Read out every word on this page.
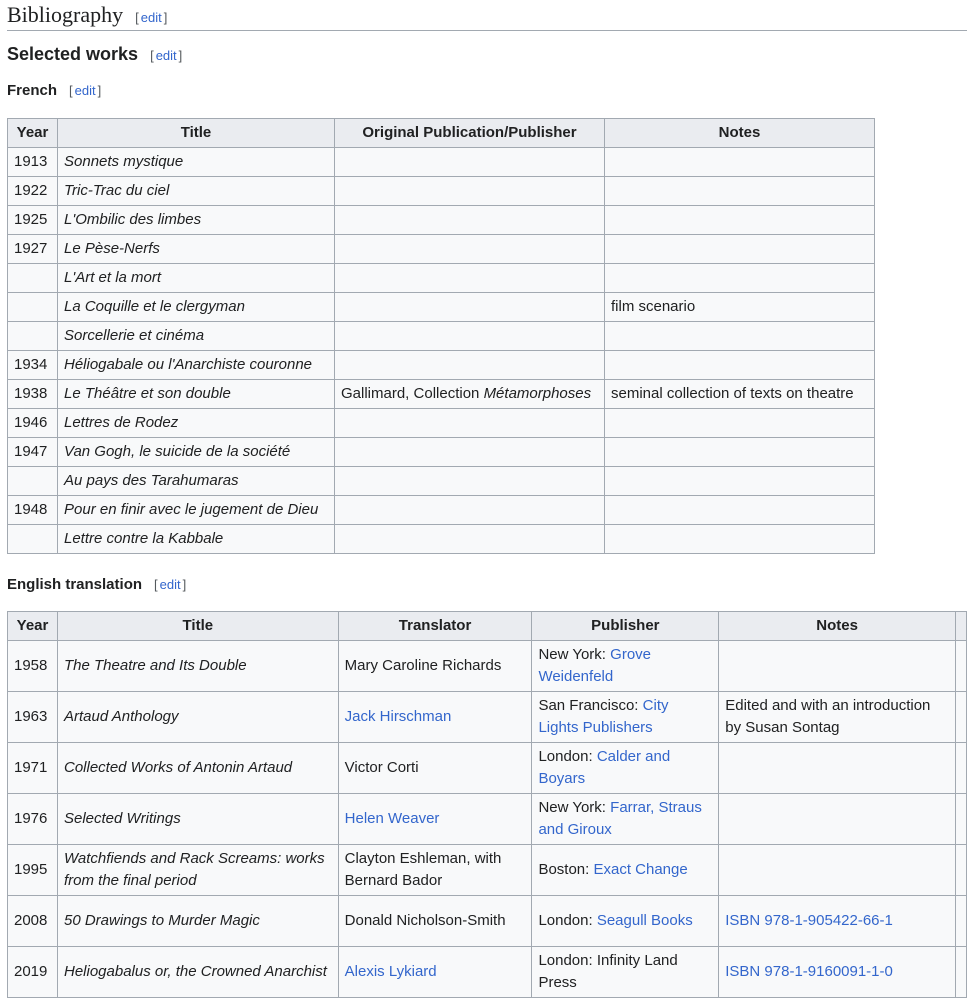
Bibliography [ edit ]
Selected works [ edit ]
French [ edit ]
Year	Title	Original Publication/Publisher	Notes
1913	Sonnets mystique		
1922	Tric-Trac du ciel		
1925	L'Ombilic des limbes		
1927	Le Pèse-Nerfs		
	L'Art et la mort		
	La Coquille et le clergyman		film scenario
	Sorcellerie et cinéma		
1934	Héliogabale ou l'Anarchiste couronne		
1938	Le Théâtre et son double	Gallimard, Collection Métamorphoses	seminal collection of texts on theatre
1946	Lettres de Rodez		
1947	Van Gogh, le suicide de la société		
	Au pays des Tarahumaras		
1948	Pour en finir avec le jugement de Dieu		
	Lettre contre la Kabbale		
English translation [ edit ]
Year	Title	Translator	Publisher	Notes	
1958	The Theatre and Its Double	Mary Caroline Richards	New York: Grove Weidenfeld		
1963	Artaud Anthology	Jack Hirschman	San Francisco: City Lights Publishers	Edited and with an introduction by Susan Sontag	
1971	Collected Works of Antonin Artaud	Victor Corti	London: Calder and Boyars		
1976	Selected Writings	Helen Weaver	New York: Farrar, Straus and Giroux		
1995	Watchfiends and Rack Screams: works from the final period	Clayton Eshleman, with Bernard Bador	Boston: Exact Change		
2008	50 Drawings to Murder Magic	Donald Nicholson-Smith	London: Seagull Books	ISBN 978-1-905422-66-1	
2019	Heliogabalus or, the Crowned Anarchist	Alexis Lykiard	London: Infinity Land Press	ISBN 978-1-9160091-1-0	
